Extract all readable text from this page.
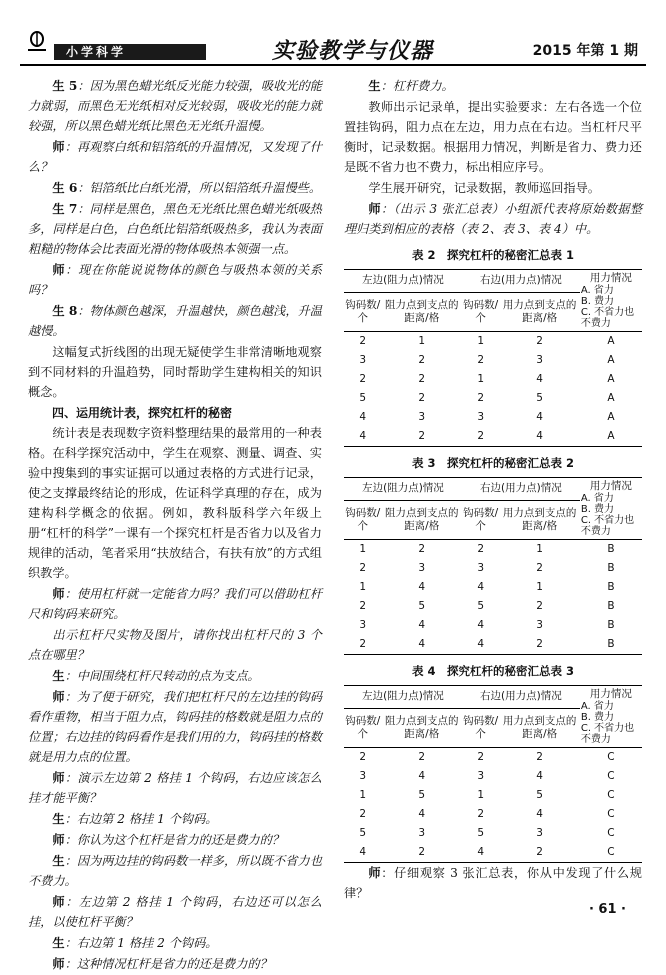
小学科学	实验教学与仪器	2015 年第 1 期

生 5：因为黑色蜡光纸反光能力较强，吸收光的能力就弱，而黑色无光纸相对反光较弱，吸收光的能力就较强，所以黑色蜡光纸比黑色无光纸升温慢。

师：再观察白纸和铝箔纸的升温情况，又发现了什么？

生 6：铝箔纸比白纸光滑，所以铝箔纸升温慢些。

生 7：同样是黑色，黑色无光纸比黑色蜡光纸吸热多，同样是白色，白色纸比铝箔纸吸热多，我认为表面粗糙的物体会比表面光滑的物体吸热本领强一点。

师：现在你能说说物体的颜色与吸热本领的关系吗？

生 8：物体颜色越深，升温越快，颜色越浅，升温越慢。

这幅复式折线图的出现无疑使学生非常清晰地观察到不同材料的升温趋势，同时帮助学生建构相关的知识概念。

四、运用统计表，探究杠杆的秘密

统计表是表现数字资料整理结果的最常用的一种表格。在科学探究活动中，学生在观察、测量、调查、实验中搜集到的事实证据可以通过表格的方式进行记录，使之支撑最终结论的形成，佐证科学真理的存在，成为建构科学概念的依据。例如，教科版科学六年级上册“杠杆的科学”一课有一个探究杠杆是否省力以及省力规律的活动，笔者采用“扶放结合，有扶有放”的方式组织教学。

师：使用杠杆就一定能省力吗？我们可以借助杠杆尺和钩码来研究。

出示杠杆尺实物及图片，请你找出杠杆尺的 3 个点在哪里？

生：中间围绕杠杆尺转动的点为支点。

师：为了便于研究，我们把杠杆尺的左边挂的钩码看作重物，相当于阻力点，钩码挂的格数就是阻力点的位置；右边挂的钩码看作是我们用的力，钩码挂的格数就是用力点的位置。

师：演示左边第 2 格挂 1 个钩码，右边应该怎么挂才能平衡？

生：右边第 2 格挂 1 个钩码。

师：你认为这个杠杆是省力的还是费力的？

生：因为两边挂的钩码数一样多，所以既不省力也不费力。

师：左边第 2 格挂 1 个钩码，右边还可以怎么挂，以使杠杆平衡？

生：右边第 1 格挂 2 个钩码。

师：这种情况杠杆是省力的还是费力的？

生：杠杆费力。

教师出示记录单，提出实验要求：左右各选一个位置挂钩码，阻力点在左边，用力点在右边。当杠杆尺平衡时，记录数据。根据用力情况，判断是省力、费力还是既不省力也不费力，标出相应序号。

学生展开研究，记录数据，教师巡回指导。

师：（出示 3 张汇总表）小组派代表将原始数据整理归类到相应的表格（表 2、表 3、表 4）中。

表 2　探究杠杆的秘密汇总表 1
左边(阻力点)情况		右边(用力点)情况		用力情况
A. 省力
B. 费力
C. 不省力也不费力

钩码数/个	阻力点到支点的距离/格	钩码数/个	用力点到支点的距离/格	
2	1	1	2	A
3	2	2	3	A
2	2	1	4	A
5	2	2	5	A
4	3	3	4	A
4	2	2	4	A
表 3　探究杠杆的秘密汇总表 2
左边(阻力点)情况		右边(用力点)情况		用力情况
A. 省力
B. 费力
C. 不省力也不费力

钩码数/个	阻力点到支点的距离/格	钩码数/个	用力点到支点的距离/格	
1	2	2	1	B
2	3	3	2	B
1	4	4	1	B
2	5	5	2	B
3	4	4	3	B
2	4	4	2	B
表 4　探究杠杆的秘密汇总表 3
左边(阻力点)情况		右边(用力点)情况		用力情况
A. 省力
B. 费力
C. 不省力也不费力

钩码数/个	阻力点到支点的距离/格	钩码数/个	用力点到支点的距离/格	
2	2	2	2	C
3	4	3	4	C
1	5	1	5	C
2	4	2	4	C
5	3	5	3	C
4	2	4	2	C

师：仔细观察 3 张汇总表，你从中发现了什么规律？

· 61 ·
